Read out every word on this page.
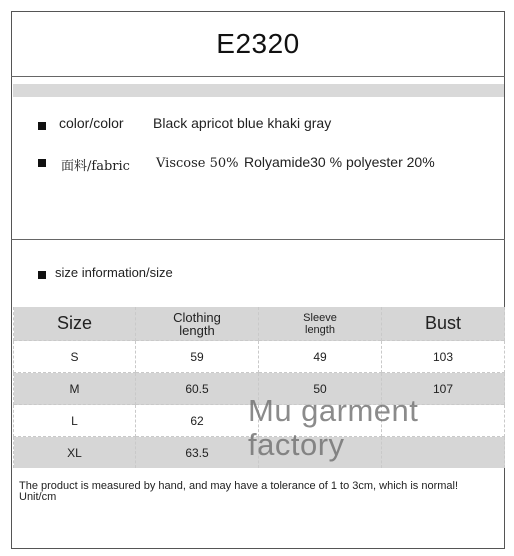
E2320
color/color Black apricot blue khaki gray
面料/fabric Viscose 50% Rolyamide30 % polyester 20%
size information/size
Size	Clothing length	Sleeve length	Bust
S	59	49	103
M	60.5	50	107
L	62		
XL	63.5		
Mu garment
factory
The product is measured by hand, and may have a tolerance of 1 to 3cm, which is normal!
Unit/cm
